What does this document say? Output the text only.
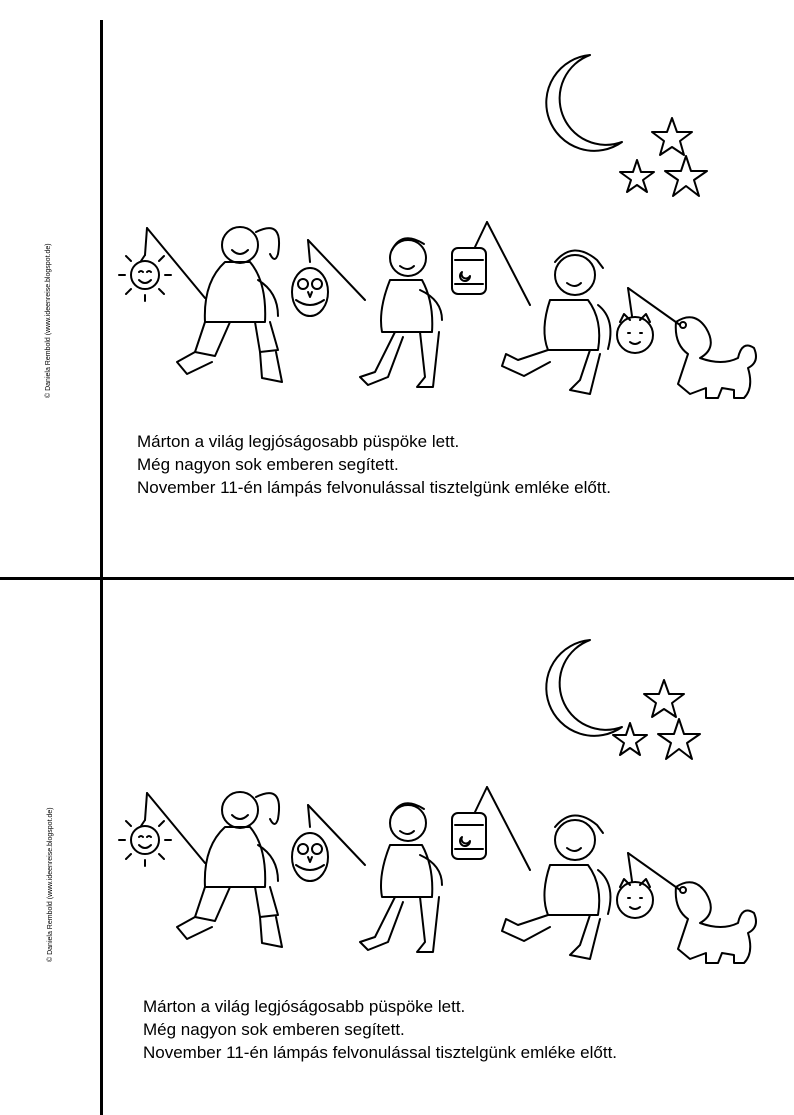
© Daniela Rembold (www.ideenreise.blogspot.de)
Márton a világ legjóságosabb püspöke lett.
Még nagyon sok emberen segített.
November 11-én lámpás felvonulással tisztelgünk emléke előtt.
© Daniela Rembold (www.ideenreise.blogspot.de)
Márton a világ legjóságosabb püspöke lett.
Még nagyon sok emberen segített.
November 11-én lámpás felvonulással tisztelgünk emléke előtt.
